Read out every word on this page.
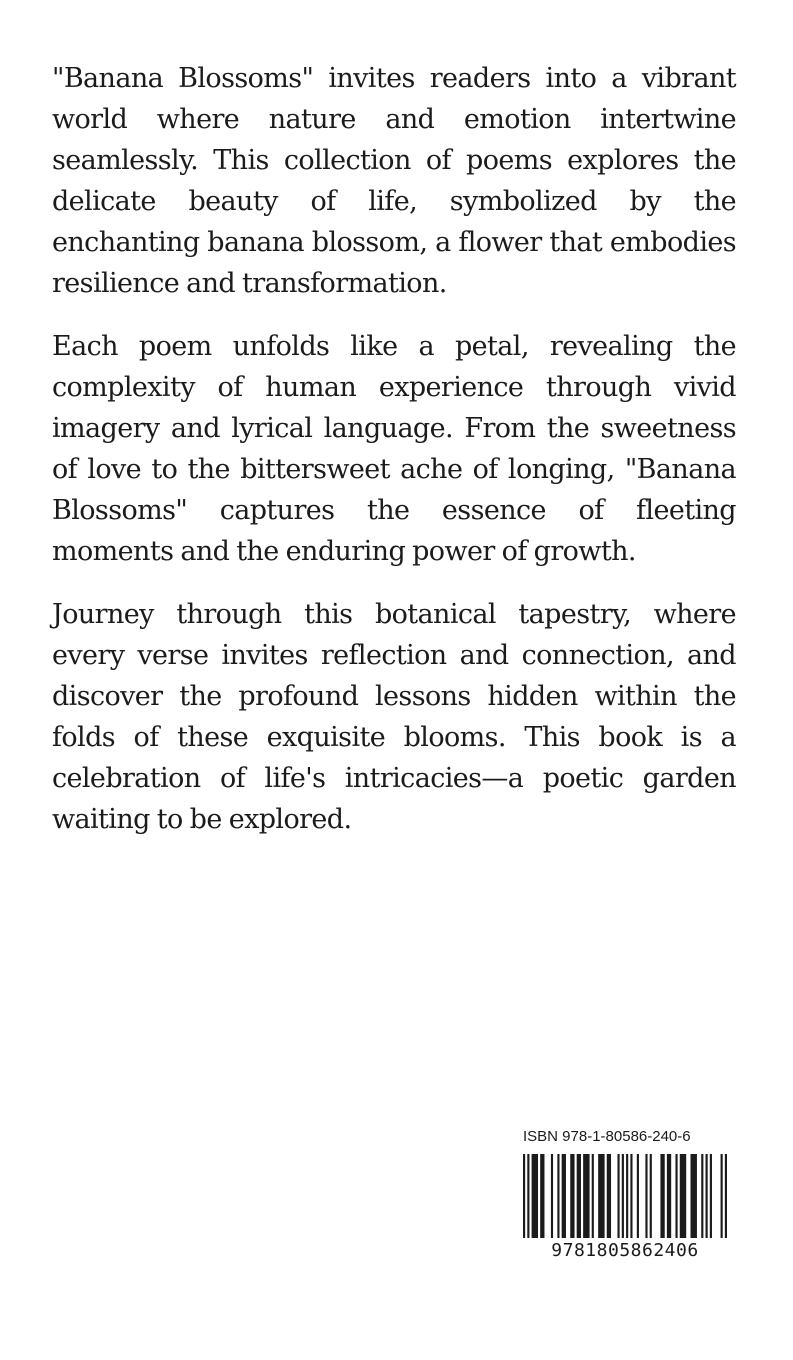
"Banana Blossoms" invites readers into a vibrant world where nature and emotion intertwine seamlessly. This collection of poems explores the delicate beauty of life, symbolized by the enchanting banana blossom, a flower that embodies resilience and transformation.

Each poem unfolds like a petal, revealing the complexity of human experience through vivid imagery and lyrical language. From the sweetness of love to the bittersweet ache of longing, "Banana Blossoms" captures the essence of fleeting moments and the enduring power of growth.

Journey through this botanical tapestry, where every verse invites reflection and connection, and discover the profound lessons hidden within the folds of these exquisite blooms. This book is a celebration of life's intricacies—a poetic garden waiting to be explored.

ISBN 978-1-80586-240-6
9781805862406
